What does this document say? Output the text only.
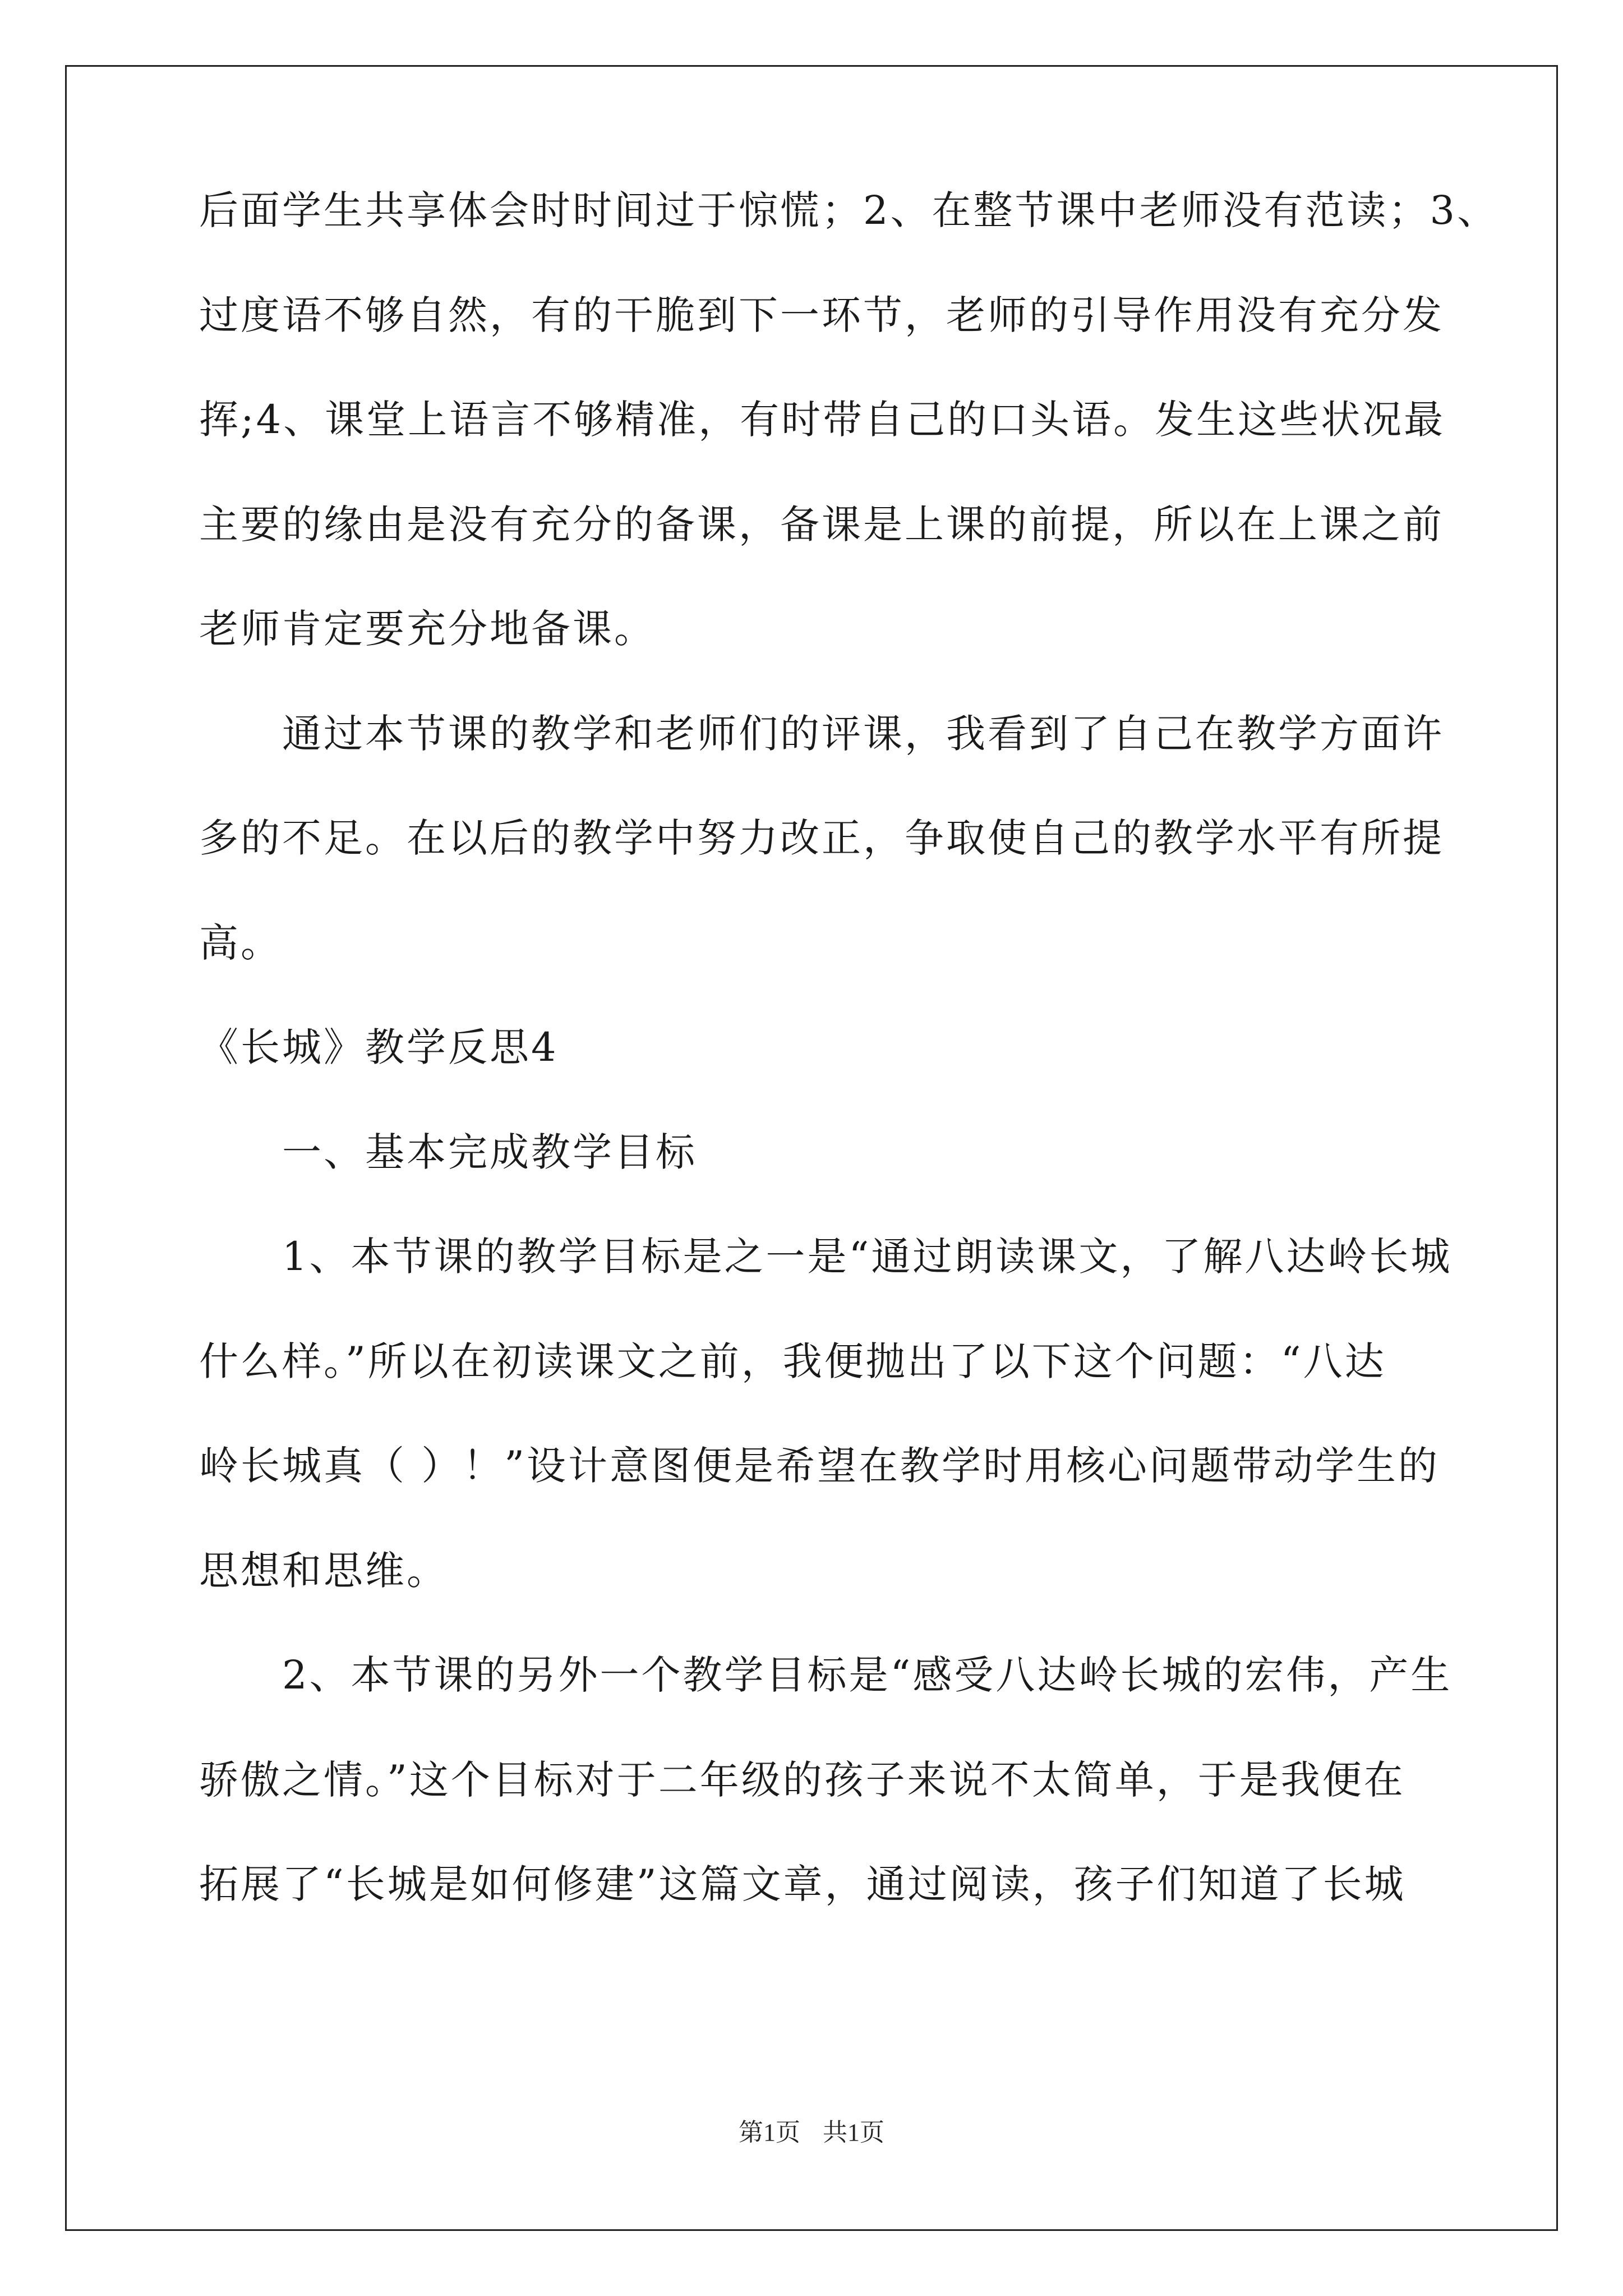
后面学生共享体会时时间过于惊慌；2、在整节课中老师没有范读；3、
过度语不够自然，有的干脆到下一环节，老师的引导作用没有充分发
挥;4、课堂上语言不够精准，有时带自己的口头语。发生这些状况最
主要的缘由是没有充分的备课，备课是上课的前提，所以在上课之前
老师肯定要充分地备课。
通过本节课的教学和老师们的评课，我看到了自己在教学方面许
多的不足。在以后的教学中努力改正，争取使自己的教学水平有所提
高。
《长城》教学反思4
一、基本完成教学目标
1、本节课的教学目标是之一是“通过朗读课文，了解八达岭长城
什么样。”所以在初读课文之前，我便抛出了以下这个问题：“八达
岭长城真（ ）！”设计意图便是希望在教学时用核心问题带动学生的
思想和思维。
2、本节课的另外一个教学目标是“感受八达岭长城的宏伟，产生
骄傲之情。”这个目标对于二年级的孩子来说不太简单，于是我便在
拓展了“长城是如何修建”这篇文章，通过阅读，孩子们知道了长城
第1页 共1页
